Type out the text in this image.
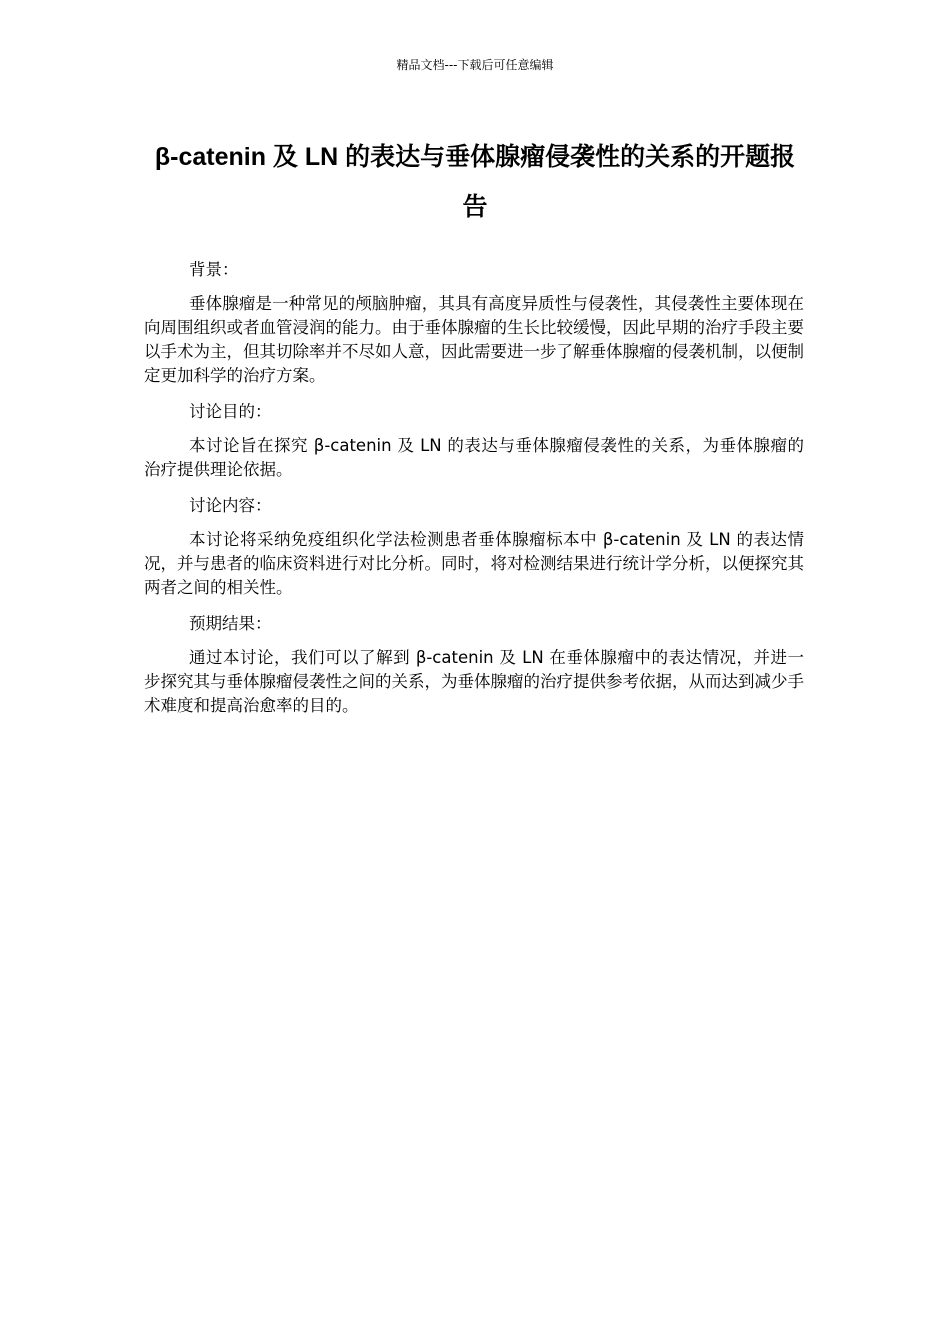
精品文档---下载后可任意编辑
β-catenin 及 LN 的表达与垂体腺瘤侵袭性的关系的开题报告

背景：

垂体腺瘤是一种常见的颅脑肿瘤，其具有高度异质性与侵袭性，其侵袭性主要体现在向周围组织或者血管浸润的能力。由于垂体腺瘤的生长比较缓慢，因此早期的治疗手段主要以手术为主，但其切除率并不尽如人意，因此需要进一步了解垂体腺瘤的侵袭机制，以便制定更加科学的治疗方案。

讨论目的：

本讨论旨在探究 β-catenin 及 LN 的表达与垂体腺瘤侵袭性的关系，为垂体腺瘤的治疗提供理论依据。

讨论内容：

本讨论将采纳免疫组织化学法检测患者垂体腺瘤标本中 β-catenin 及 LN 的表达情况，并与患者的临床资料进行对比分析。同时，将对检测结果进行统计学分析，以便探究其两者之间的相关性。

预期结果：

通过本讨论，我们可以了解到 β-catenin 及 LN 在垂体腺瘤中的表达情况，并进一步探究其与垂体腺瘤侵袭性之间的关系，为垂体腺瘤的治疗提供参考依据，从而达到减少手术难度和提高治愈率的目的。
